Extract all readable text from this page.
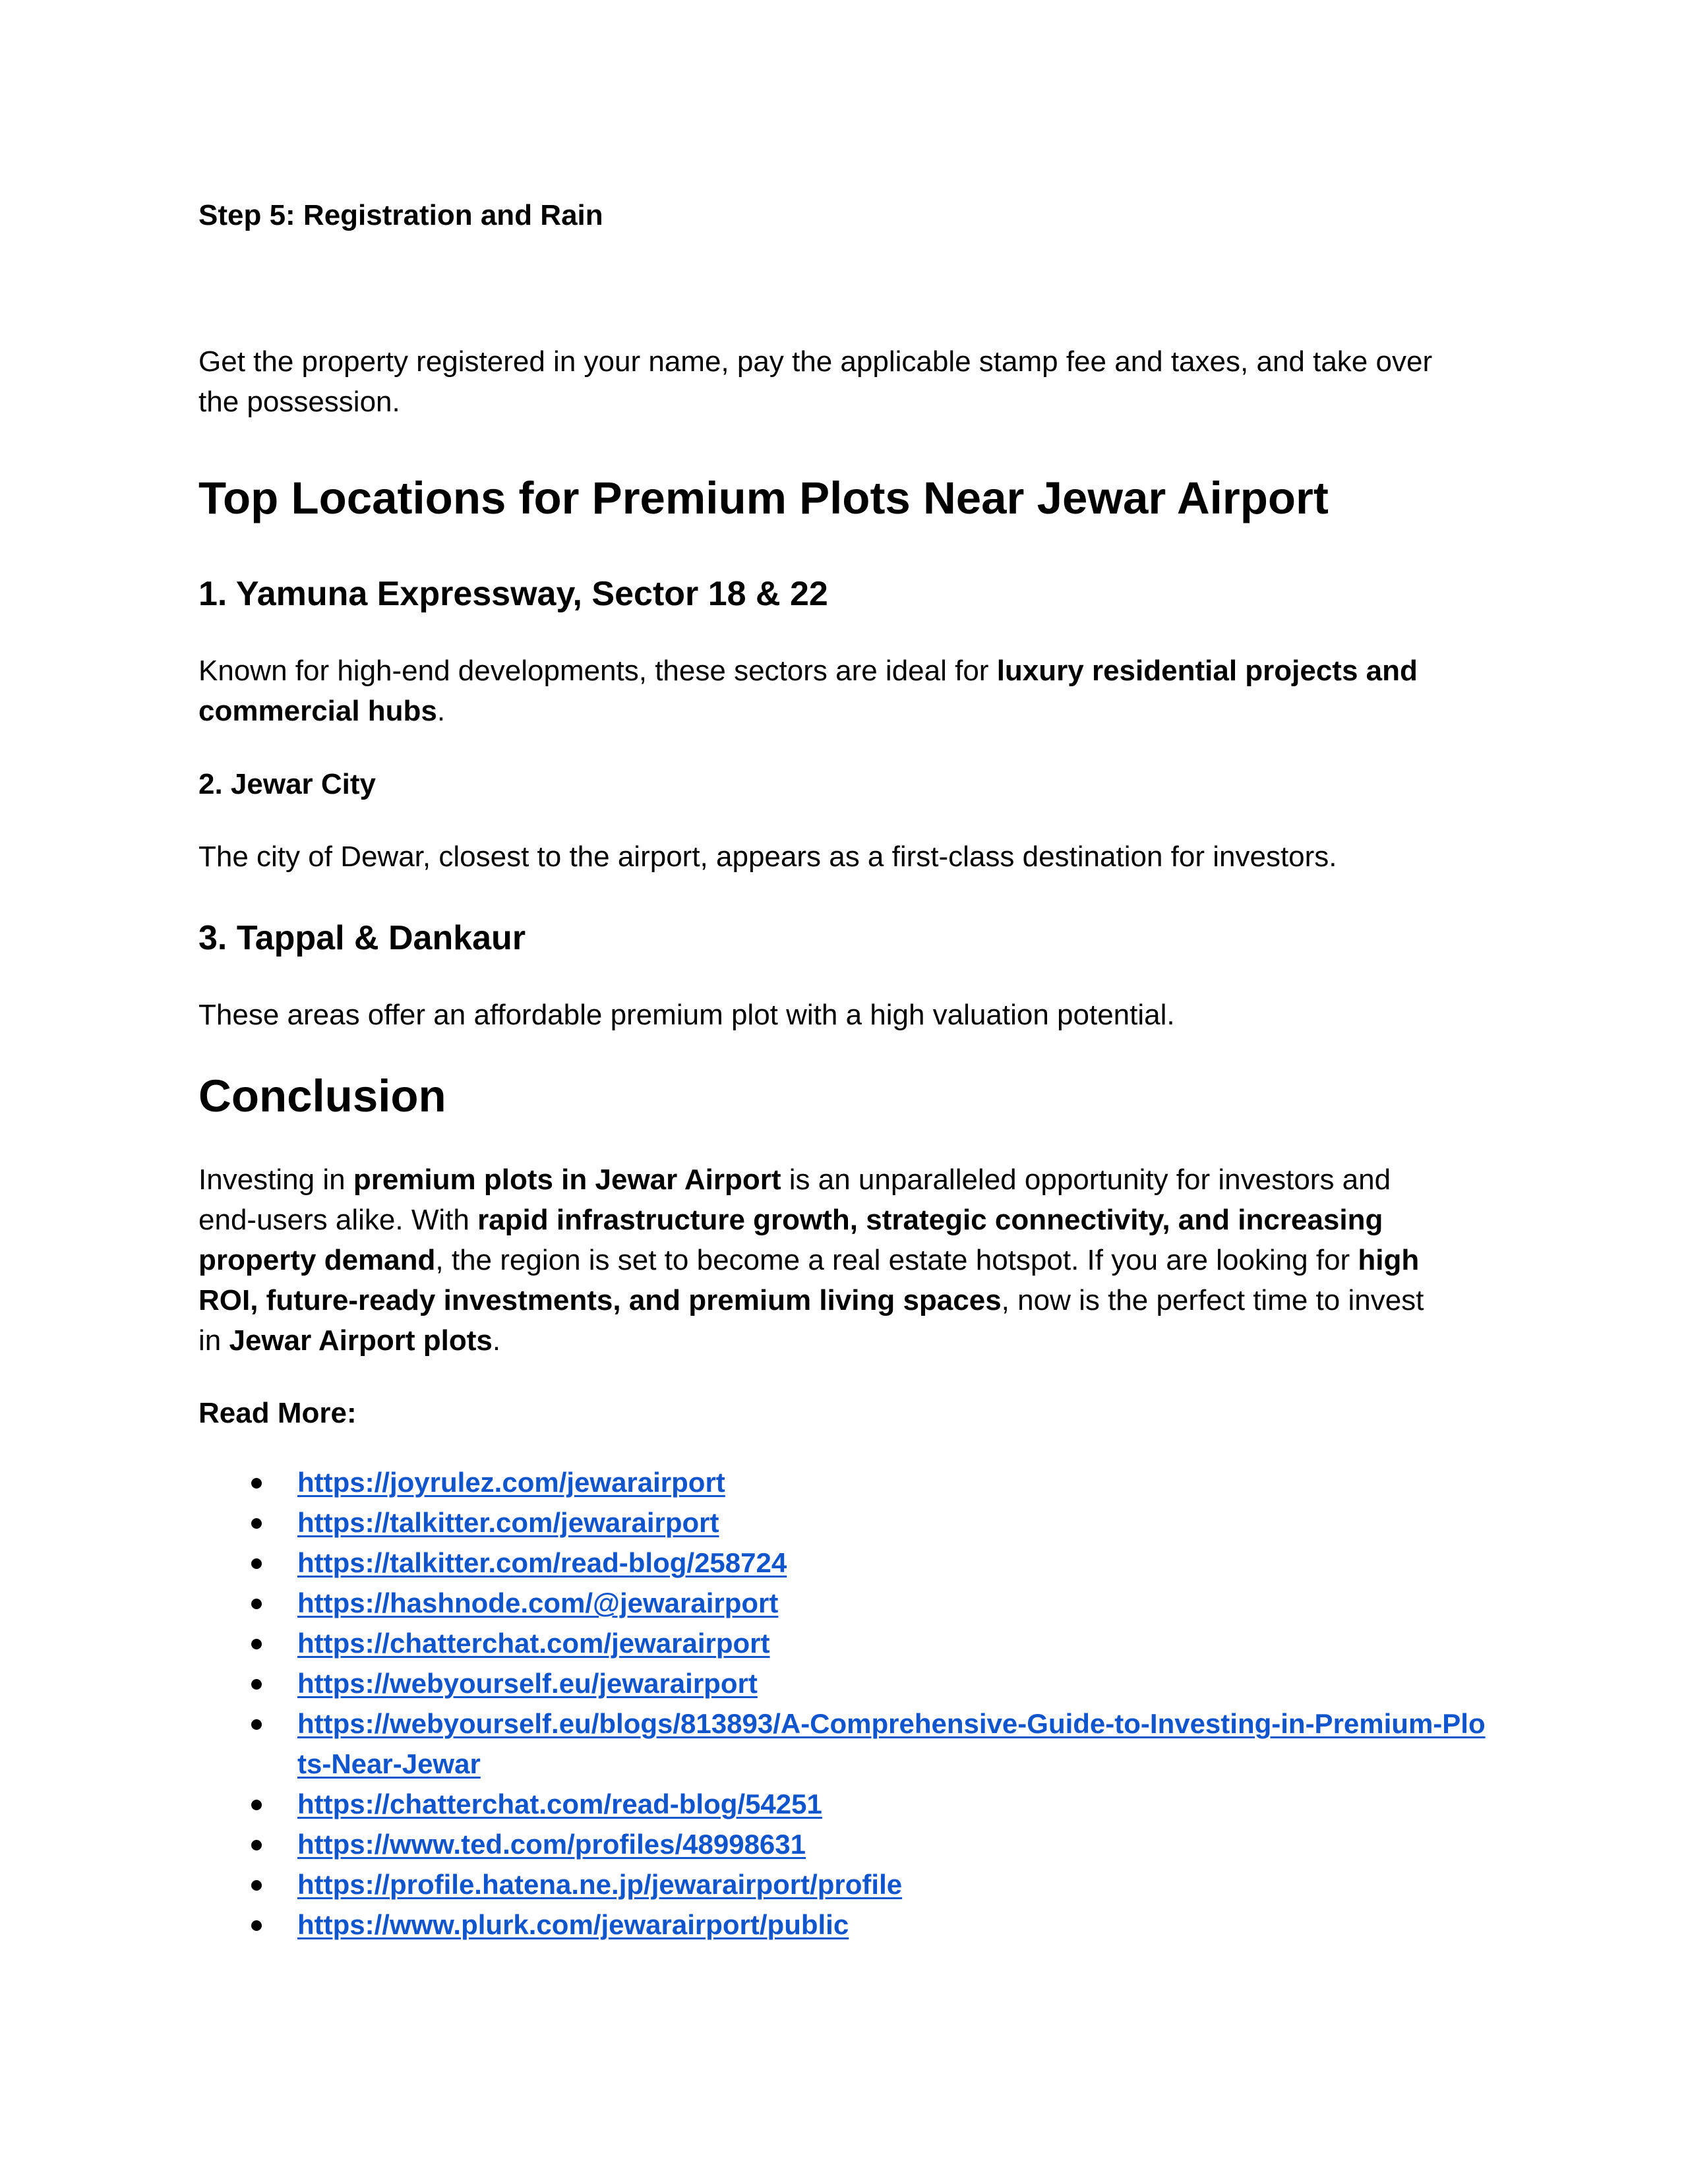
Step 5: Registration and Rain

Get the property registered in your name, pay the applicable stamp fee and taxes, and take over

the possession.

Top Locations for Premium Plots Near Jewar Airport
1. Yamuna Expressway, Sector 18 & 22

Known for high-end developments, these sectors are ideal for luxury residential projects and

commercial hubs.

2. Jewar City

The city of Dewar, closest to the airport, appears as a first-class destination for investors.

3. Tappal & Dankaur

These areas offer an affordable premium plot with a high valuation potential.

Conclusion

Investing in premium plots in Jewar Airport is an unparalleled opportunity for investors and

end-users alike. With rapid infrastructure growth, strategic connectivity, and increasing

property demand, the region is set to become a real estate hotspot. If you are looking for high

ROI, future-ready investments, and premium living spaces, now is the perfect time to invest

in Jewar Airport plots.

Read More:

https://joyrulez.com/jewarairport
https://talkitter.com/jewarairport
https://talkitter.com/read-blog/258724
https://hashnode.com/@jewarairport
https://chatterchat.com/jewarairport
https://webyourself.eu/jewarairport
https://webyourself.eu/blogs/813893/A-Comprehensive-Guide-to-Investing-in-Premium-Plo
ts-Near-Jewar
https://chatterchat.com/read-blog/54251
https://www.ted.com/profiles/48998631
https://profile.hatena.ne.jp/jewarairport/profile
https://www.plurk.com/jewarairport/public
